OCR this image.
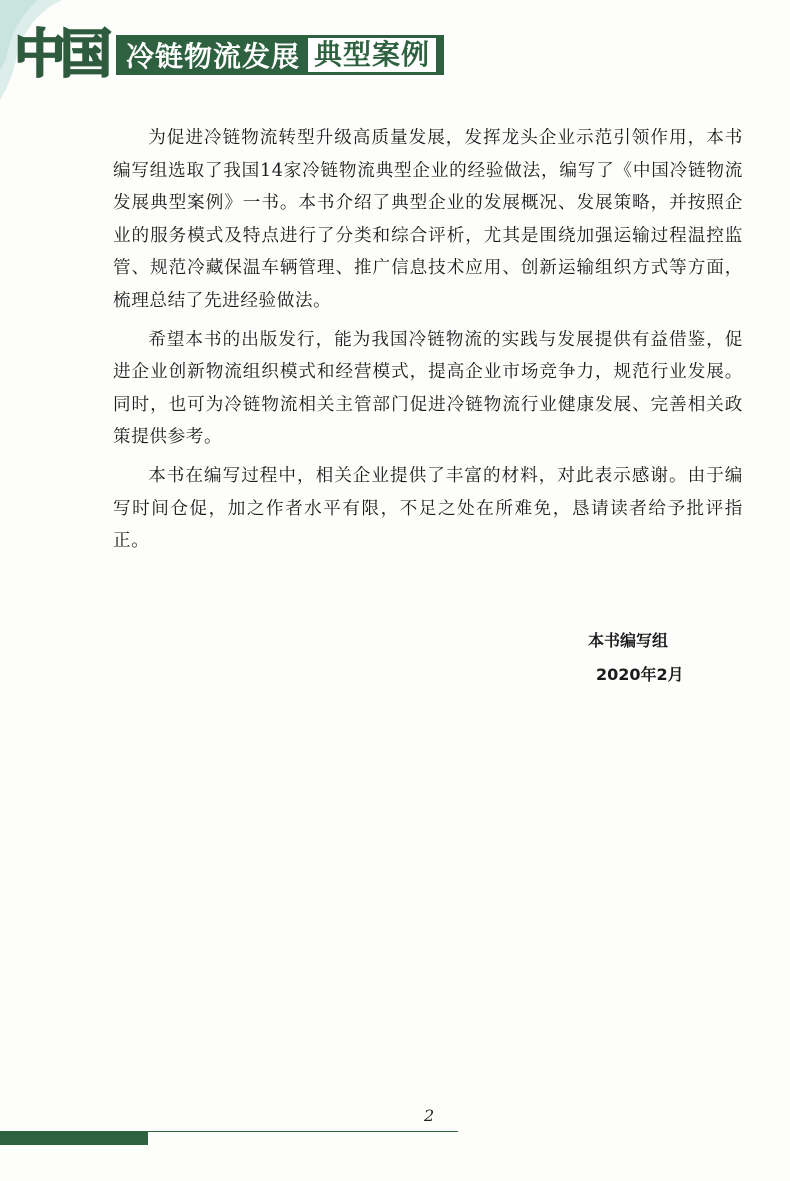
中国 冷链物流发展 典型案例

为促进冷链物流转型升级高质量发展，发挥龙头企业示范引领作用，本书编写组选取了我国14家冷链物流典型企业的经验做法，编写了《中国冷链物流发展典型案例》一书。本书介绍了典型企业的发展概况、发展策略，并按照企业的服务模式及特点进行了分类和综合评析，尤其是围绕加强运输过程温控监管、规范冷藏保温车辆管理、推广信息技术应用、创新运输组织方式等方面，梳理总结了先进经验做法。

希望本书的出版发行，能为我国冷链物流的实践与发展提供有益借鉴，促进企业创新物流组织模式和经营模式，提高企业市场竞争力，规范行业发展。同时，也可为冷链物流相关主管部门促进冷链物流行业健康发展、完善相关政策提供参考。

本书在编写过程中，相关企业提供了丰富的材料，对此表示感谢。由于编写时间仓促，加之作者水平有限，不足之处在所难免，恳请读者给予批评指正。

本书编写组
2020年2月
2
